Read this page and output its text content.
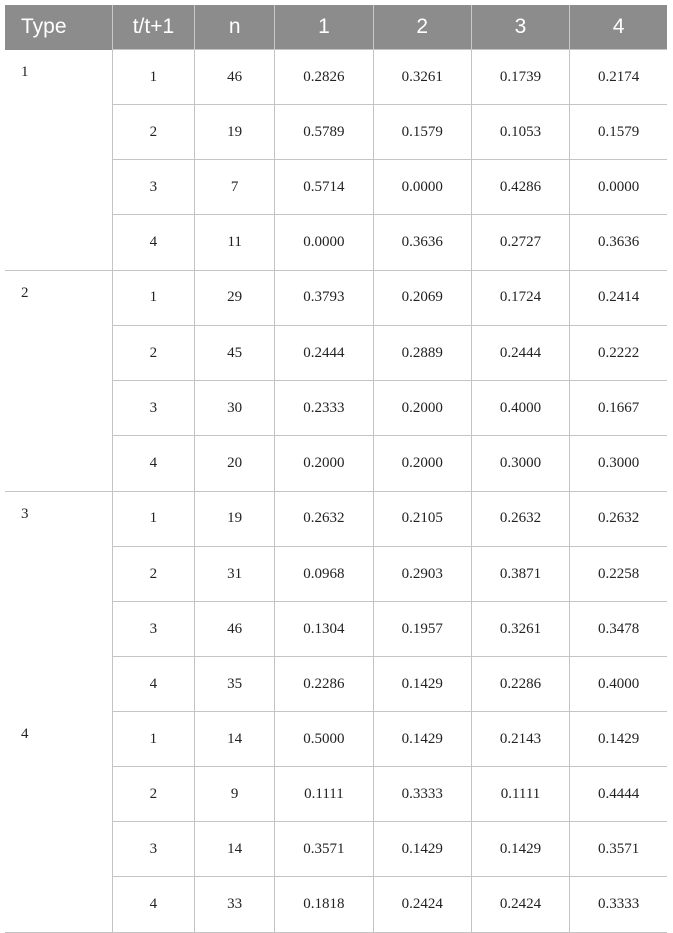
Type	t/t+1	n	1	2	3	4
1	1	46	0.2826	0.3261	0.1739	0.2174
	2	19	0.5789	0.1579	0.1053	0.1579
	3	7	0.5714	0.0000	0.4286	0.0000
	4	11	0.0000	0.3636	0.2727	0.3636
2	1	29	0.3793	0.2069	0.1724	0.2414
	2	45	0.2444	0.2889	0.2444	0.2222
	3	30	0.2333	0.2000	0.4000	0.1667
	4	20	0.2000	0.2000	0.3000	0.3000
3	1	19	0.2632	0.2105	0.2632	0.2632
	2	31	0.0968	0.2903	0.3871	0.2258
	3	46	0.1304	0.1957	0.3261	0.3478
	4	35	0.2286	0.1429	0.2286	0.4000
4	1	14	0.5000	0.1429	0.2143	0.1429
	2	9	0.1111	0.3333	0.1111	0.4444
	3	14	0.3571	0.1429	0.1429	0.3571
	4	33	0.1818	0.2424	0.2424	0.3333
